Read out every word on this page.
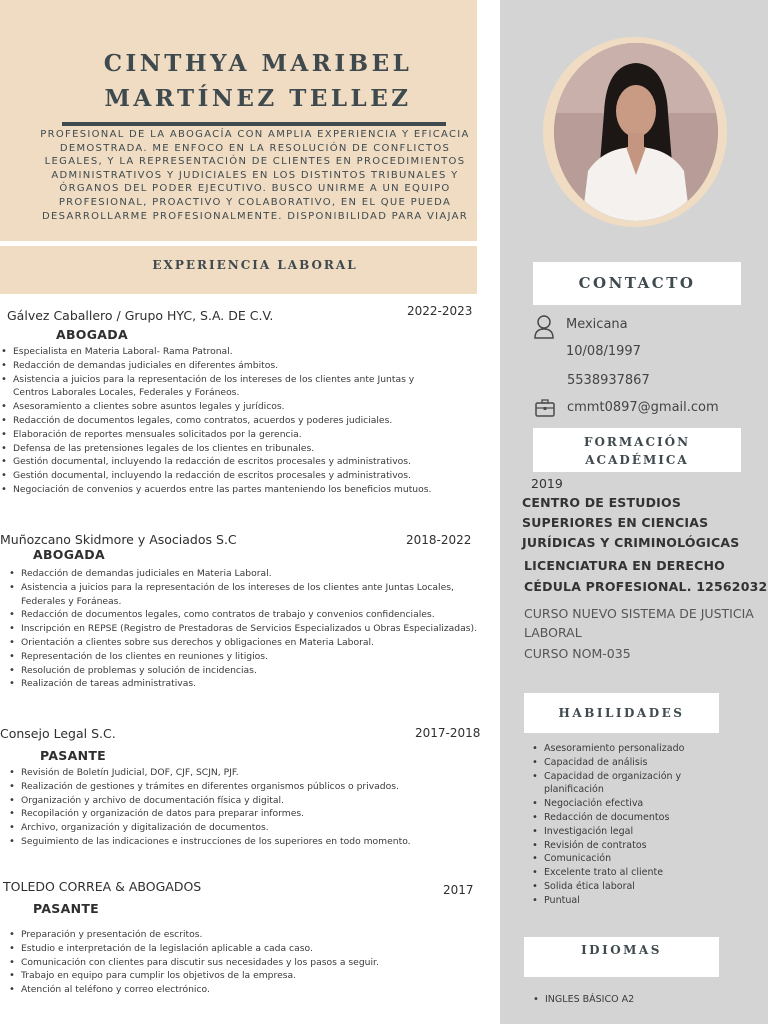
CINTHYA MARIBEL
MARTÍNEZ TELLEZ
PROFESIONAL DE LA ABOGACÍA CON AMPLIA EXPERIENCIA Y EFICACIA DEMOSTRADA. ME ENFOCO EN LA RESOLUCIÓN DE CONFLICTOS LEGALES, Y LA REPRESENTACIÓN DE CLIENTES EN PROCEDIMIENTOS ADMINISTRATIVOS Y JUDICIALES EN LOS DISTINTOS TRIBUNALES Y ÓRGANOS DEL PODER EJECUTIVO. BUSCO UNIRME A UN EQUIPO PROFESIONAL, PROACTIVO Y COLABORATIVO, EN EL QUE PUEDA DESARROLLARME PROFESIONALMENTE. DISPONIBILIDAD PARA VIAJAR
EXPERIENCIA LABORAL
Gálvez Caballero / Grupo HYC, S.A. DE C.V.	2022-2023
ABOGADA
• Especialista en Materia Laboral- Rama Patronal.
• Redacción de demandas judiciales en diferentes ámbitos.
• Asistencia a juicios para la representación de los intereses de los clientes ante Juntas y Centros Laborales Locales, Federales y Foráneos.
• Asesoramiento a clientes sobre asuntos legales y jurídicos.
• Redacción de documentos legales, como contratos, acuerdos y poderes judiciales.
• Elaboración de reportes mensuales solicitados por la gerencia.
• Defensa de las pretensiones legales de los clientes en tribunales.
• Gestión documental, incluyendo la redacción de escritos procesales y administrativos.
• Gestión documental, incluyendo la redacción de escritos procesales y administrativos.
• Negociación de convenios y acuerdos entre las partes manteniendo los beneficios mutuos.
Muñozcano Skidmore y Asociados S.C	2018-2022
ABOGADA
• Redacción de demandas judiciales en Materia Laboral.
• Asistencia a juicios para la representación de los intereses de los clientes ante Juntas Locales, Federales y Foráneas.
• Redacción de documentos legales, como contratos de trabajo y convenios confidenciales.
• Inscripción en REPSE (Registro de Prestadoras de Servicios Especializados u Obras Especializadas).
• Orientación a clientes sobre sus derechos y obligaciones en Materia Laboral.
• Representación de los clientes en reuniones y litigios.
• Resolución de problemas y solución de incidencias.
• Realización de tareas administrativas.
Consejo Legal S.C.	2017-2018
PASANTE
• Revisión de Boletín Judicial, DOF, CJF, SCJN, PJF.
• Realización de gestiones y trámites en diferentes organismos públicos o privados.
• Organización y archivo de documentación física y digital.
• Recopilación y organización de datos para preparar informes.
• Archivo, organización y digitalización de documentos.
• Seguimiento de las indicaciones e instrucciones de los superiores en todo momento.
TOLEDO CORREA & ABOGADOS	2017
PASANTE
• Preparación y presentación de escritos.
• Estudio e interpretación de la legislación aplicable a cada caso.
• Comunicación con clientes para discutir sus necesidades y los pasos a seguir.
• Trabajo en equipo para cumplir los objetivos de la empresa.
• Atención al teléfono y correo electrónico.
CONTACTO
Mexicana
10/08/1997
5538937867
cmmt0897@gmail.com
FORMACIÓN
ACADÉMICA
2019
CENTRO DE ESTUDIOS
SUPERIORES EN CIENCIAS
JURÍDICAS Y CRIMINOLÓGICAS
LICENCIATURA EN DERECHO
CÉDULA PROFESIONAL. 12562032
CURSO NUEVO SISTEMA DE JUSTICIA
LABORAL
CURSO NOM-035
HABILIDADES
• Asesoramiento personalizado
• Capacidad de análisis
• Capacidad de organización y planificación
• Negociación efectiva
• Redacción de documentos
• Investigación legal
• Revisión de contratos
• Comunicación
• Excelente trato al cliente
• Solida ética laboral
• Puntual
IDIOMAS
• INGLES BÁSICO A2
